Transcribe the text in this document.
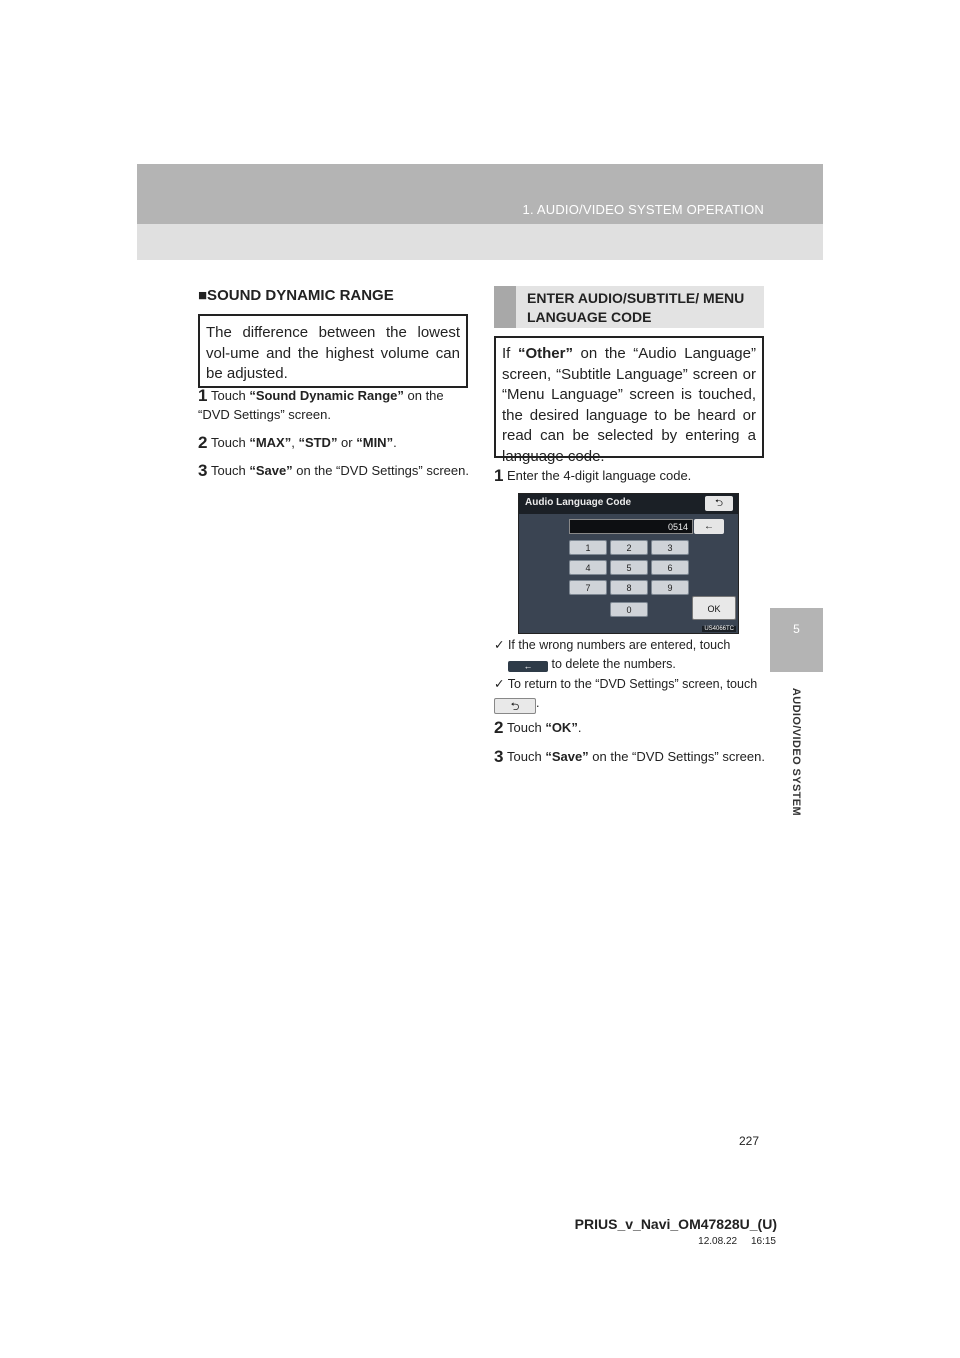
1. AUDIO/VIDEO SYSTEM OPERATION
5
AUDIO/VIDEO SYSTEM
■SOUND DYNAMIC RANGE
The difference between the lowest vol-ume and the highest volume can be adjusted.
1 Touch “Sound Dynamic Range” on the “DVD Settings” screen.
2 Touch “MAX”, “STD” or “MIN”.
3 Touch “Save” on the “DVD Settings” screen.
ENTER AUDIO/SUBTITLE/ MENU LANGUAGE CODE
If “Other” on the “Audio Language” screen, “Subtitle Language” screen or “Menu Language” screen is touched, the desired language to be heard or read can be selected by entering a language code.
1 Enter the 4-digit language code.
Audio Language Code	⮌
0514	←
1	2	3
4	5	6
7	8	9
0	OK
US4066TC
✓ If the wrong numbers are entered, touch
← to delete the numbers.
✓ To return to the “DVD Settings” screen, touch ⮌ .
2 Touch “OK”.
3 Touch “Save” on the “DVD Settings” screen.
227
PRIUS_v_Navi_OM47828U_(U)
12.08.22     16:15
